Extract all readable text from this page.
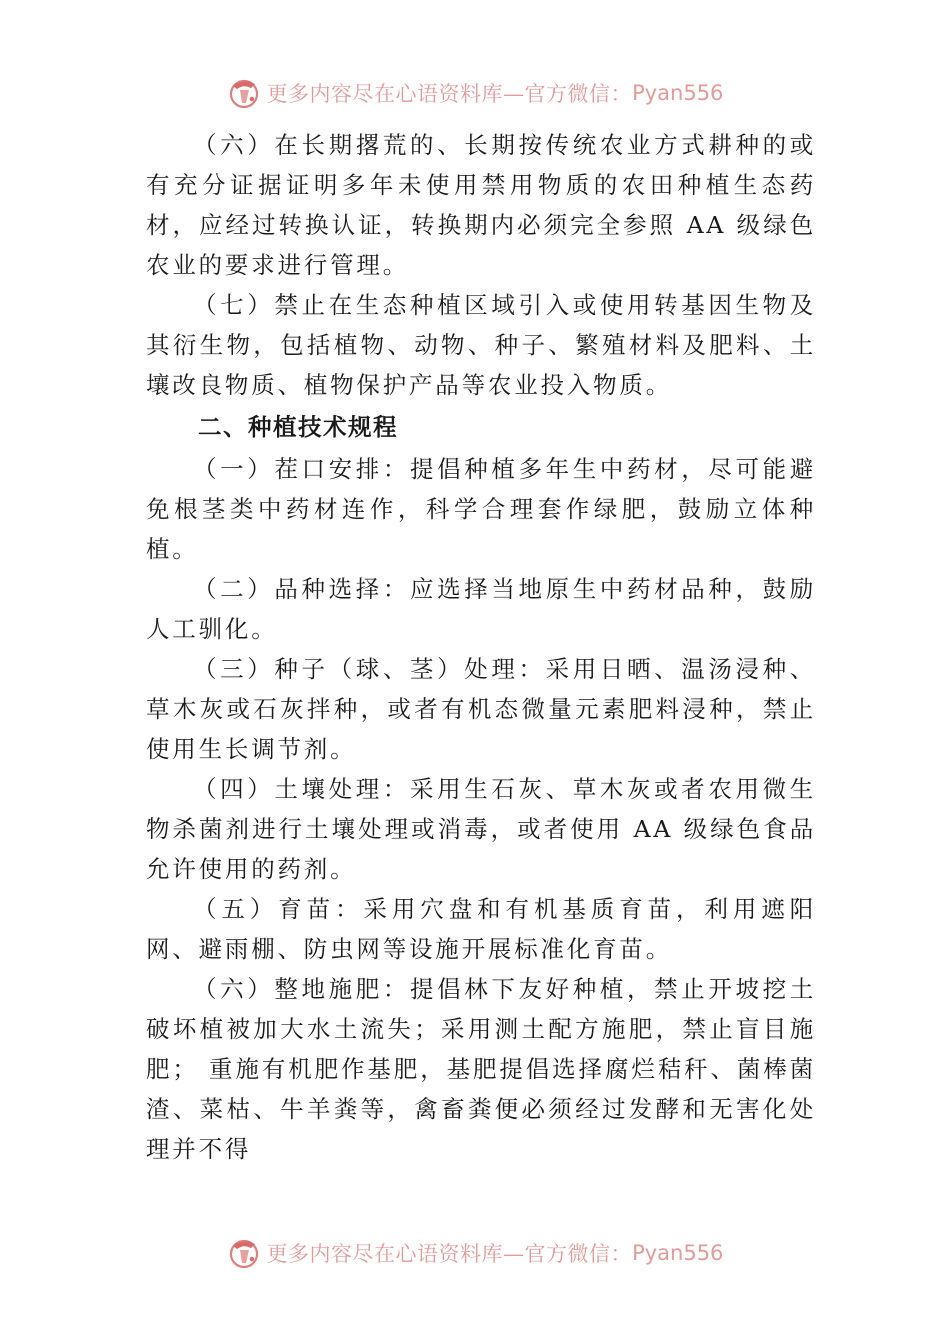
更多内容尽在心语资料库—官方微信： Pyan556

（六）在长期撂荒的、长期按传统农业方式耕种的或有充分证据证明多年未使用禁用物质的农田种植生态药材，应经过转换认证，转换期内必须完全参照 AA 级绿色农业的要求进行管理。

（七）禁止在生态种植区域引入或使用转基因生物及其衍生物，包括植物、动物、种子、繁殖材料及肥料、土壤改良物质、植物保护产品等农业投入物质。

二、种植技术规程

（一）茬口安排：提倡种植多年生中药材，尽可能避免根茎类中药材连作，科学合理套作绿肥，鼓励立体种植。

（二）品种选择：应选择当地原生中药材品种，鼓励人工驯化。

（三）种子（球、茎）处理：采用日晒、温汤浸种、草木灰或石灰拌种，或者有机态微量元素肥料浸种，禁止使用生长调节剂。

（四）土壤处理：采用生石灰、草木灰或者农用微生物杀菌剂进行土壤处理或消毒，或者使用 AA 级绿色食品允许使用的药剂。

（五）育苗：采用穴盘和有机基质育苗，利用遮阳网、避雨棚、防虫网等设施开展标准化育苗。

（六）整地施肥：提倡林下友好种植，禁止开坡挖土破坏植被加大水土流失；采用测土配方施肥，禁止盲目施肥； 重施有机肥作基肥，基肥提倡选择腐烂秸秆、菌棒菌渣、菜枯、牛羊粪等，禽畜粪便必须经过发酵和无害化处理并不得

更多内容尽在心语资料库—官方微信： Pyan556
